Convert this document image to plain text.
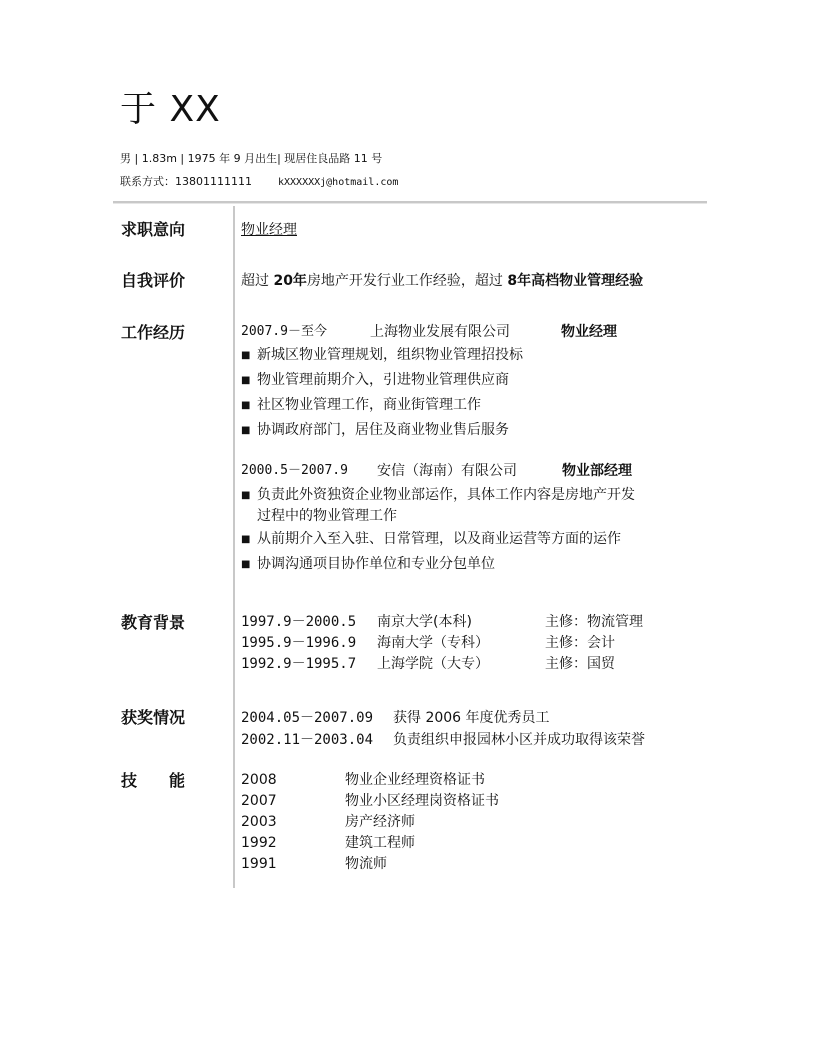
于 XX
男 | 1.83m | 1975 年 9 月出生| 现居住良品路 11 号
联系方式：13801111111	kXXXXXXj@hotmail.com
求职意向	物业经理
自我评价	超过 20年房地产开发行业工作经验，超过 8年高档物业管理经验
工作经历	2007.9－至今	上海物业发展有限公司	物业经理
■ 新城区物业管理规划，组织物业管理招投标
■ 物业管理前期介入，引进物业管理供应商
■ 社区物业管理工作，商业街管理工作
■ 协调政府部门，居住及商业物业售后服务
2000.5－2007.9 安信（海南）有限公司	物业部经理
■ 负责此外资独资企业物业部运作，具体工作内容是房地产开发
过程中的物业管理工作
■ 从前期介入至入驻、日常管理，以及商业运营等方面的运作
■ 协调沟通项目协作单位和专业分包单位
教育背景	1997.9－2000.5 南京大学(本科)	主修：物流管理
1995.9－1996.9 海南大学（专科）	主修：会计
1992.9－1995.7 上海学院（大专）	主修：国贸
获奖情况	2004.05－2007.09 获得 2006 年度优秀员工
2002.11－2003.04 负责组织申报园林小区并成功取得该荣誉
技　　能	2008	物业企业经理资格证书
2007	物业小区经理岗资格证书
2003	房产经济师
1992	建筑工程师
1991	物流师
